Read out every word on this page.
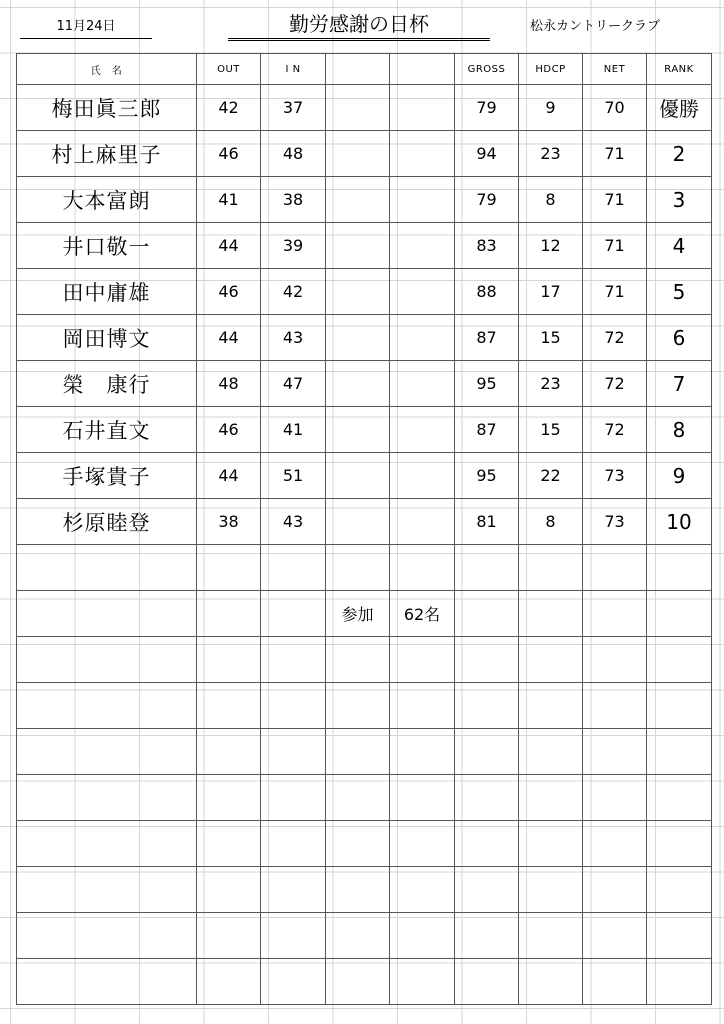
11月24日	勤労感謝の日杯	松永カントリークラブ
氏　名	OUT	I N			GROSS	HDCP	NET	RANK
梅田眞三郎	42	37			79	9	70	優勝
村上麻里子	46	48			94	23	71	2
大本富朗	41	38			79	8	71	3
井口敬一	44	39			83	12	71	4
田中庸雄	46	42			88	17	71	5
岡田博文	44	43			87	15	72	6
榮　康行	48	47			95	23	72	7
石井直文	46	41			87	15	72	8
手塚貴子	44	51			95	22	73	9
杉原睦登	38	43			81	8	73	10

			参加	62名				
